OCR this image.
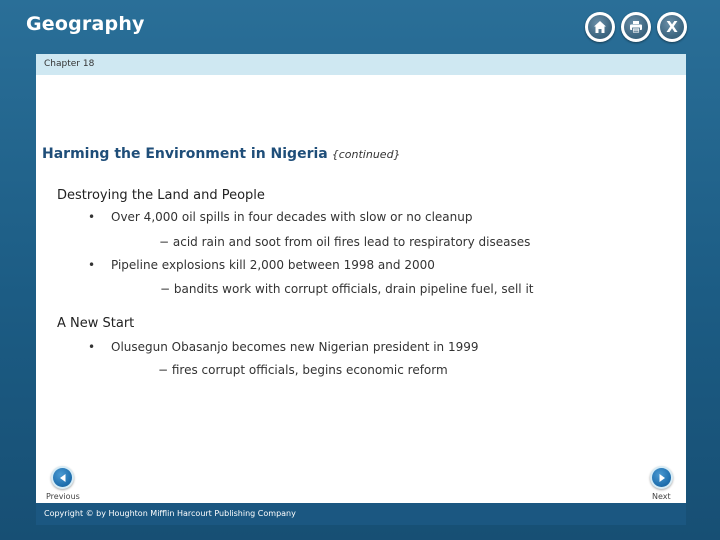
Geography	X
Chapter 18
Harming the Environment in Nigeria {continued}
Destroying the Land and People
• Over 4,000 oil spills in four decades with slow or no cleanup
− acid rain and soot from oil fires lead to respiratory diseases
• Pipeline explosions kill 2,000 between 1998 and 2000
− bandits work with corrupt officials, drain pipeline fuel, sell it
A New Start
• Olusegun Obasanjo becomes new Nigerian president in 1999
− fires corrupt officials, begins economic reform
Previous	Next
Copyright © by Houghton Mifflin Harcourt Publishing Company
